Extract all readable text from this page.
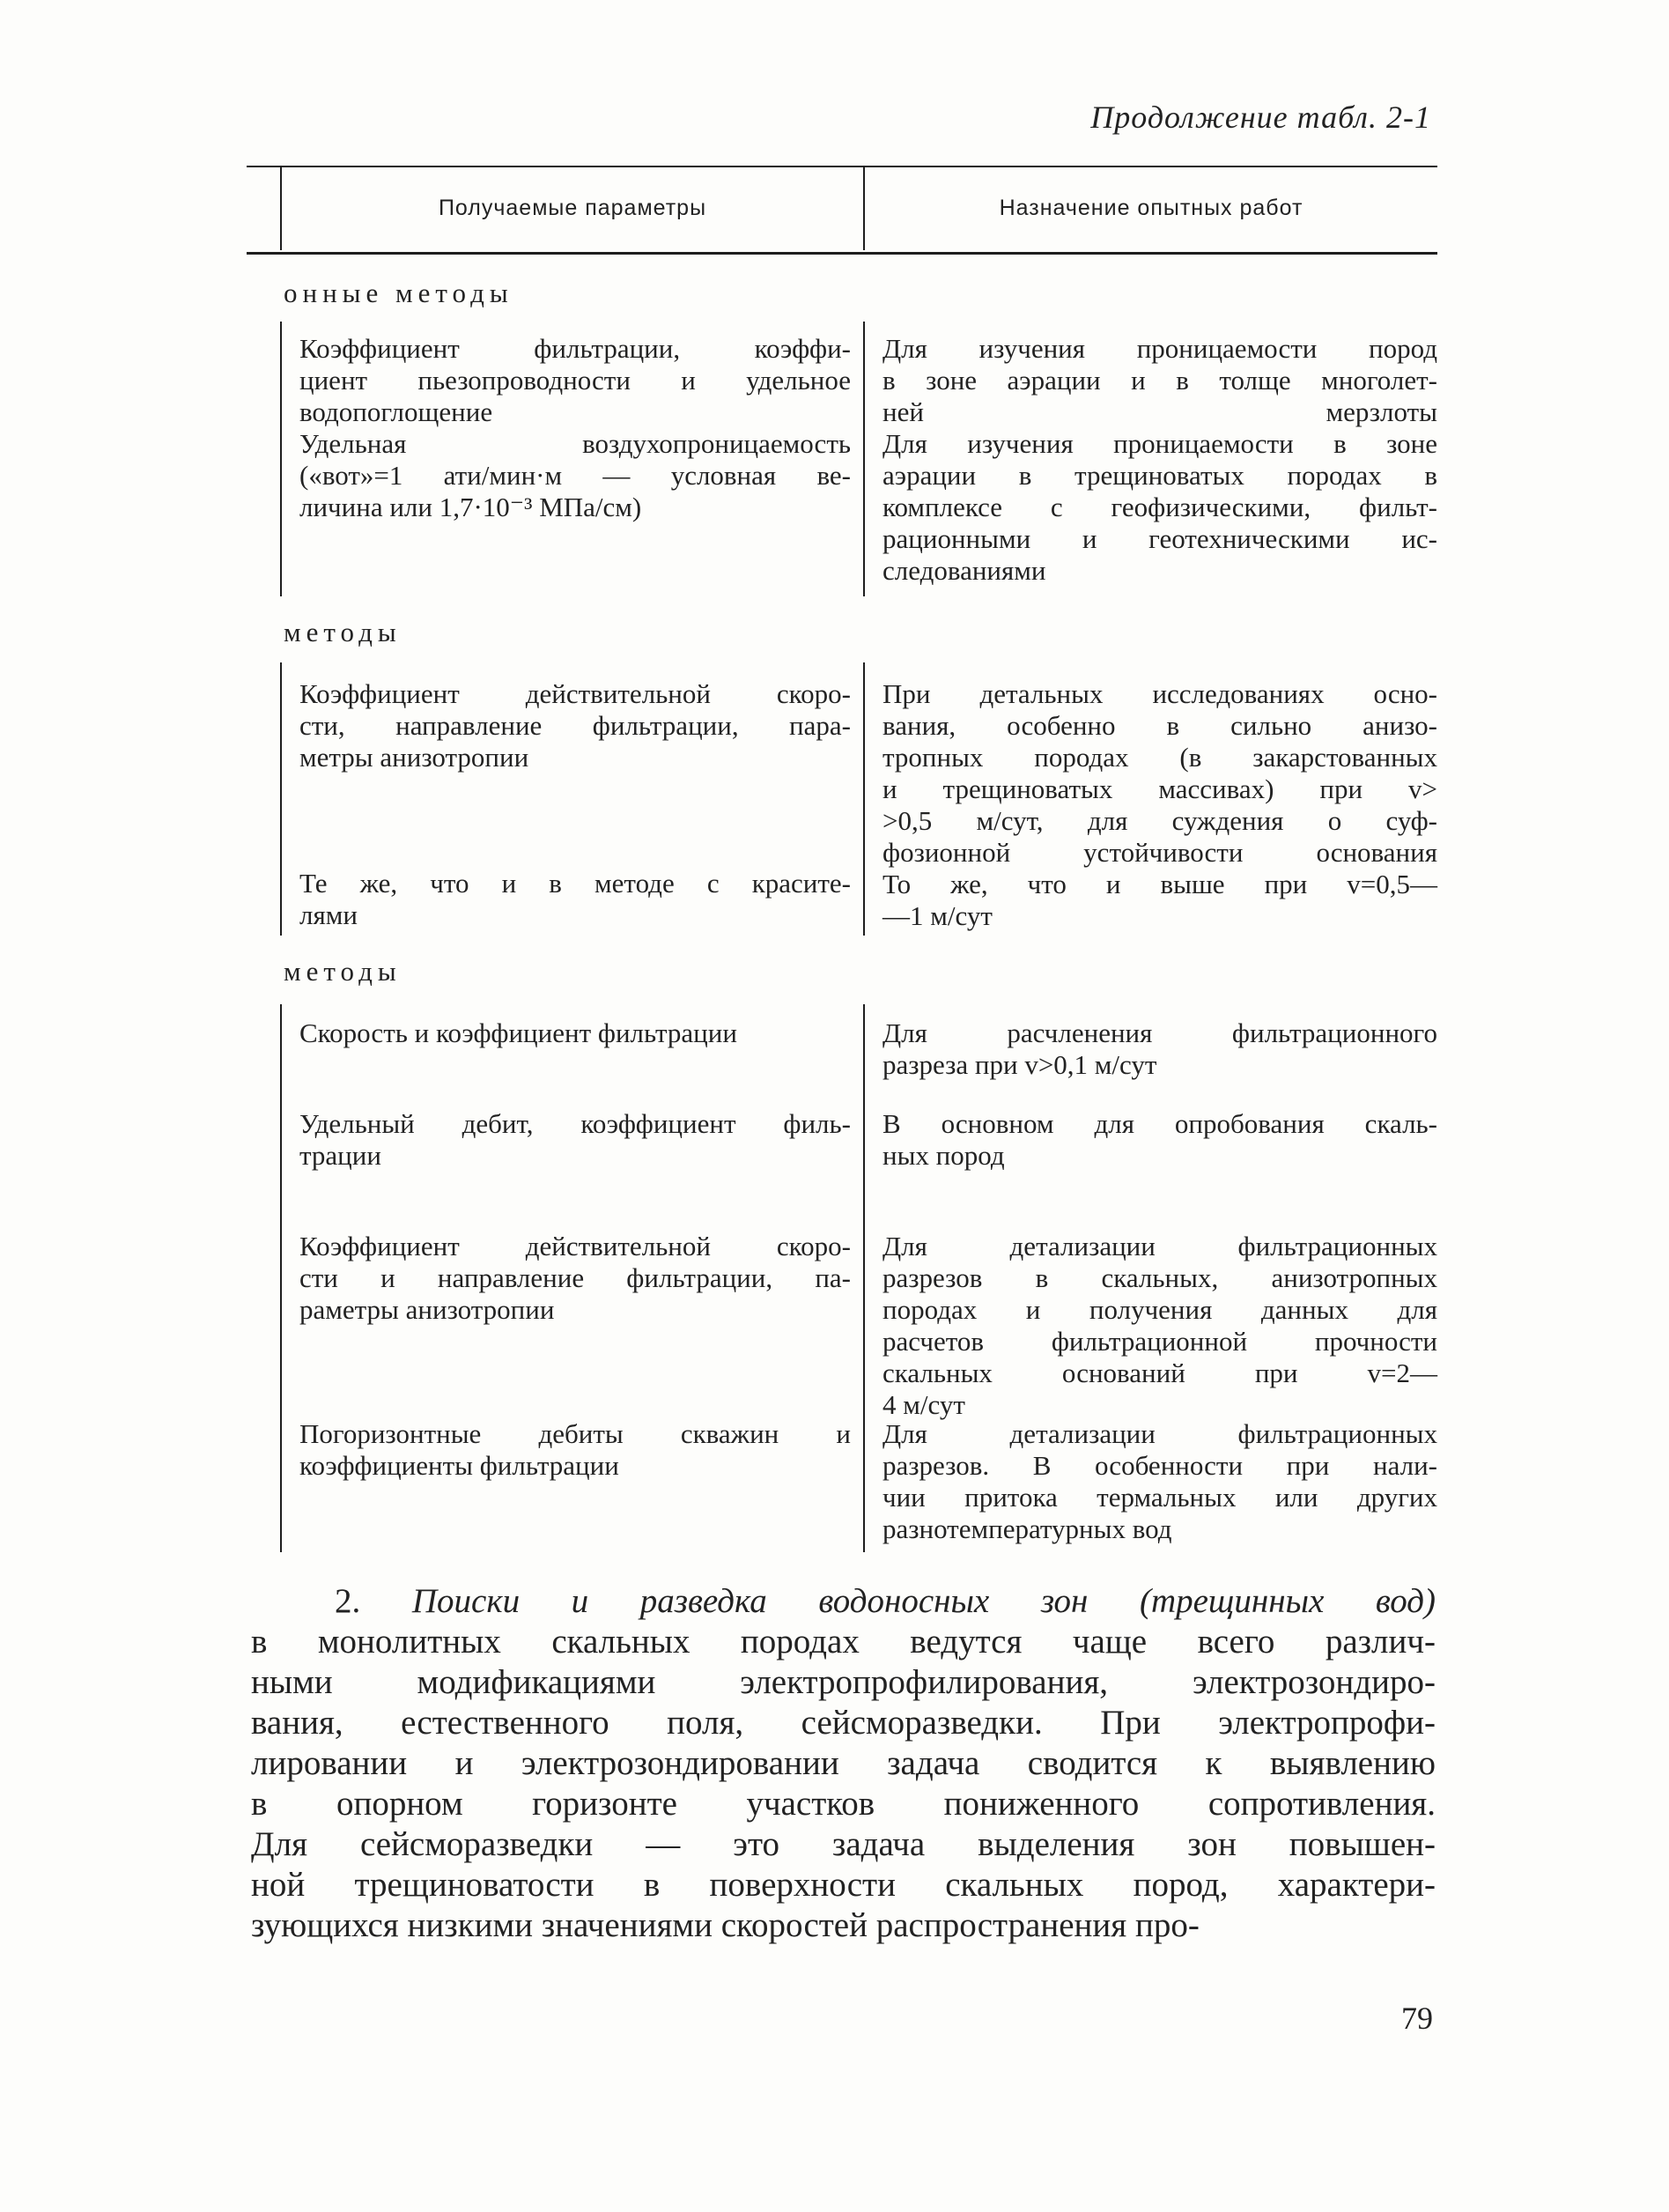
Продолжение табл. 2-1
Получаемые параметры	Назначение опытных работ
онные методы
Коэффициент фильтрации, коэффи-
циент пьезопроводности и удельное
водопоглощение
Удельная воздухопроницаемость
(«вот»=1 ати/мин·м — условная ве-
личина или 1,7·10⁻³ МПа/см)
Для изучения проницаемости пород
в зоне аэрации и в толще многолет-
ней мерзлоты
Для изучения проницаемости в зоне
аэрации в трещиноватых породах в
комплексе с геофизическими, фильт-
рационными и геотехническими ис-
следованиями
методы
Коэффициент действительной скоро-
сти, направление фильтрации, пара-
метры анизотропии
Те же, что и в методе с красите-
лями
При детальных исследованиях осно-
вания, особенно в сильно анизо-
тропных породах (в закарстованных
и трещиноватых массивах) при v>
>0,5 м/сут, для суждения о суф-
фозионной устойчивости основания
То же, что и выше при v=0,5—
—1 м/сут
методы
Скорость и коэффициент фильтрации	Для расчленения фильтрационного
разреза при v>0,1 м/сут
Удельный дебит, коэффициент филь-
трации
В основном для опробования скаль-
ных пород
Коэффициент действительной скоро-
сти и направление фильтрации, па-
раметры анизотропии
Для детализации фильтрационных
разрезов в скальных, анизотропных
породах и получения данных для
расчетов фильтрационной прочности
скальных оснований при v=2—
4 м/сут
Погоризонтные дебиты скважин и
коэффициенты фильтрации
Для детализации фильтрационных
разрезов. В особенности при нали-
чии притока термальных или других
разнотемпературных вод
2. Поиски и разведка водоносных зон (трещинных вод)
в монолитных скальных породах ведутся чаще всего различ-
ными модификациями электропрофилирования, электрозондиро-
вания, естественного поля, сейсморазведки. При электропрофи-
лировании и электрозондировании задача сводится к выявлению
в опорном горизонте участков пониженного сопротивления.
Для сейсморазведки — это задача выделения зон повышен-
ной трещиноватости в поверхности скальных пород, характери-
зующихся низкими значениями скоростей распространения про-
79
